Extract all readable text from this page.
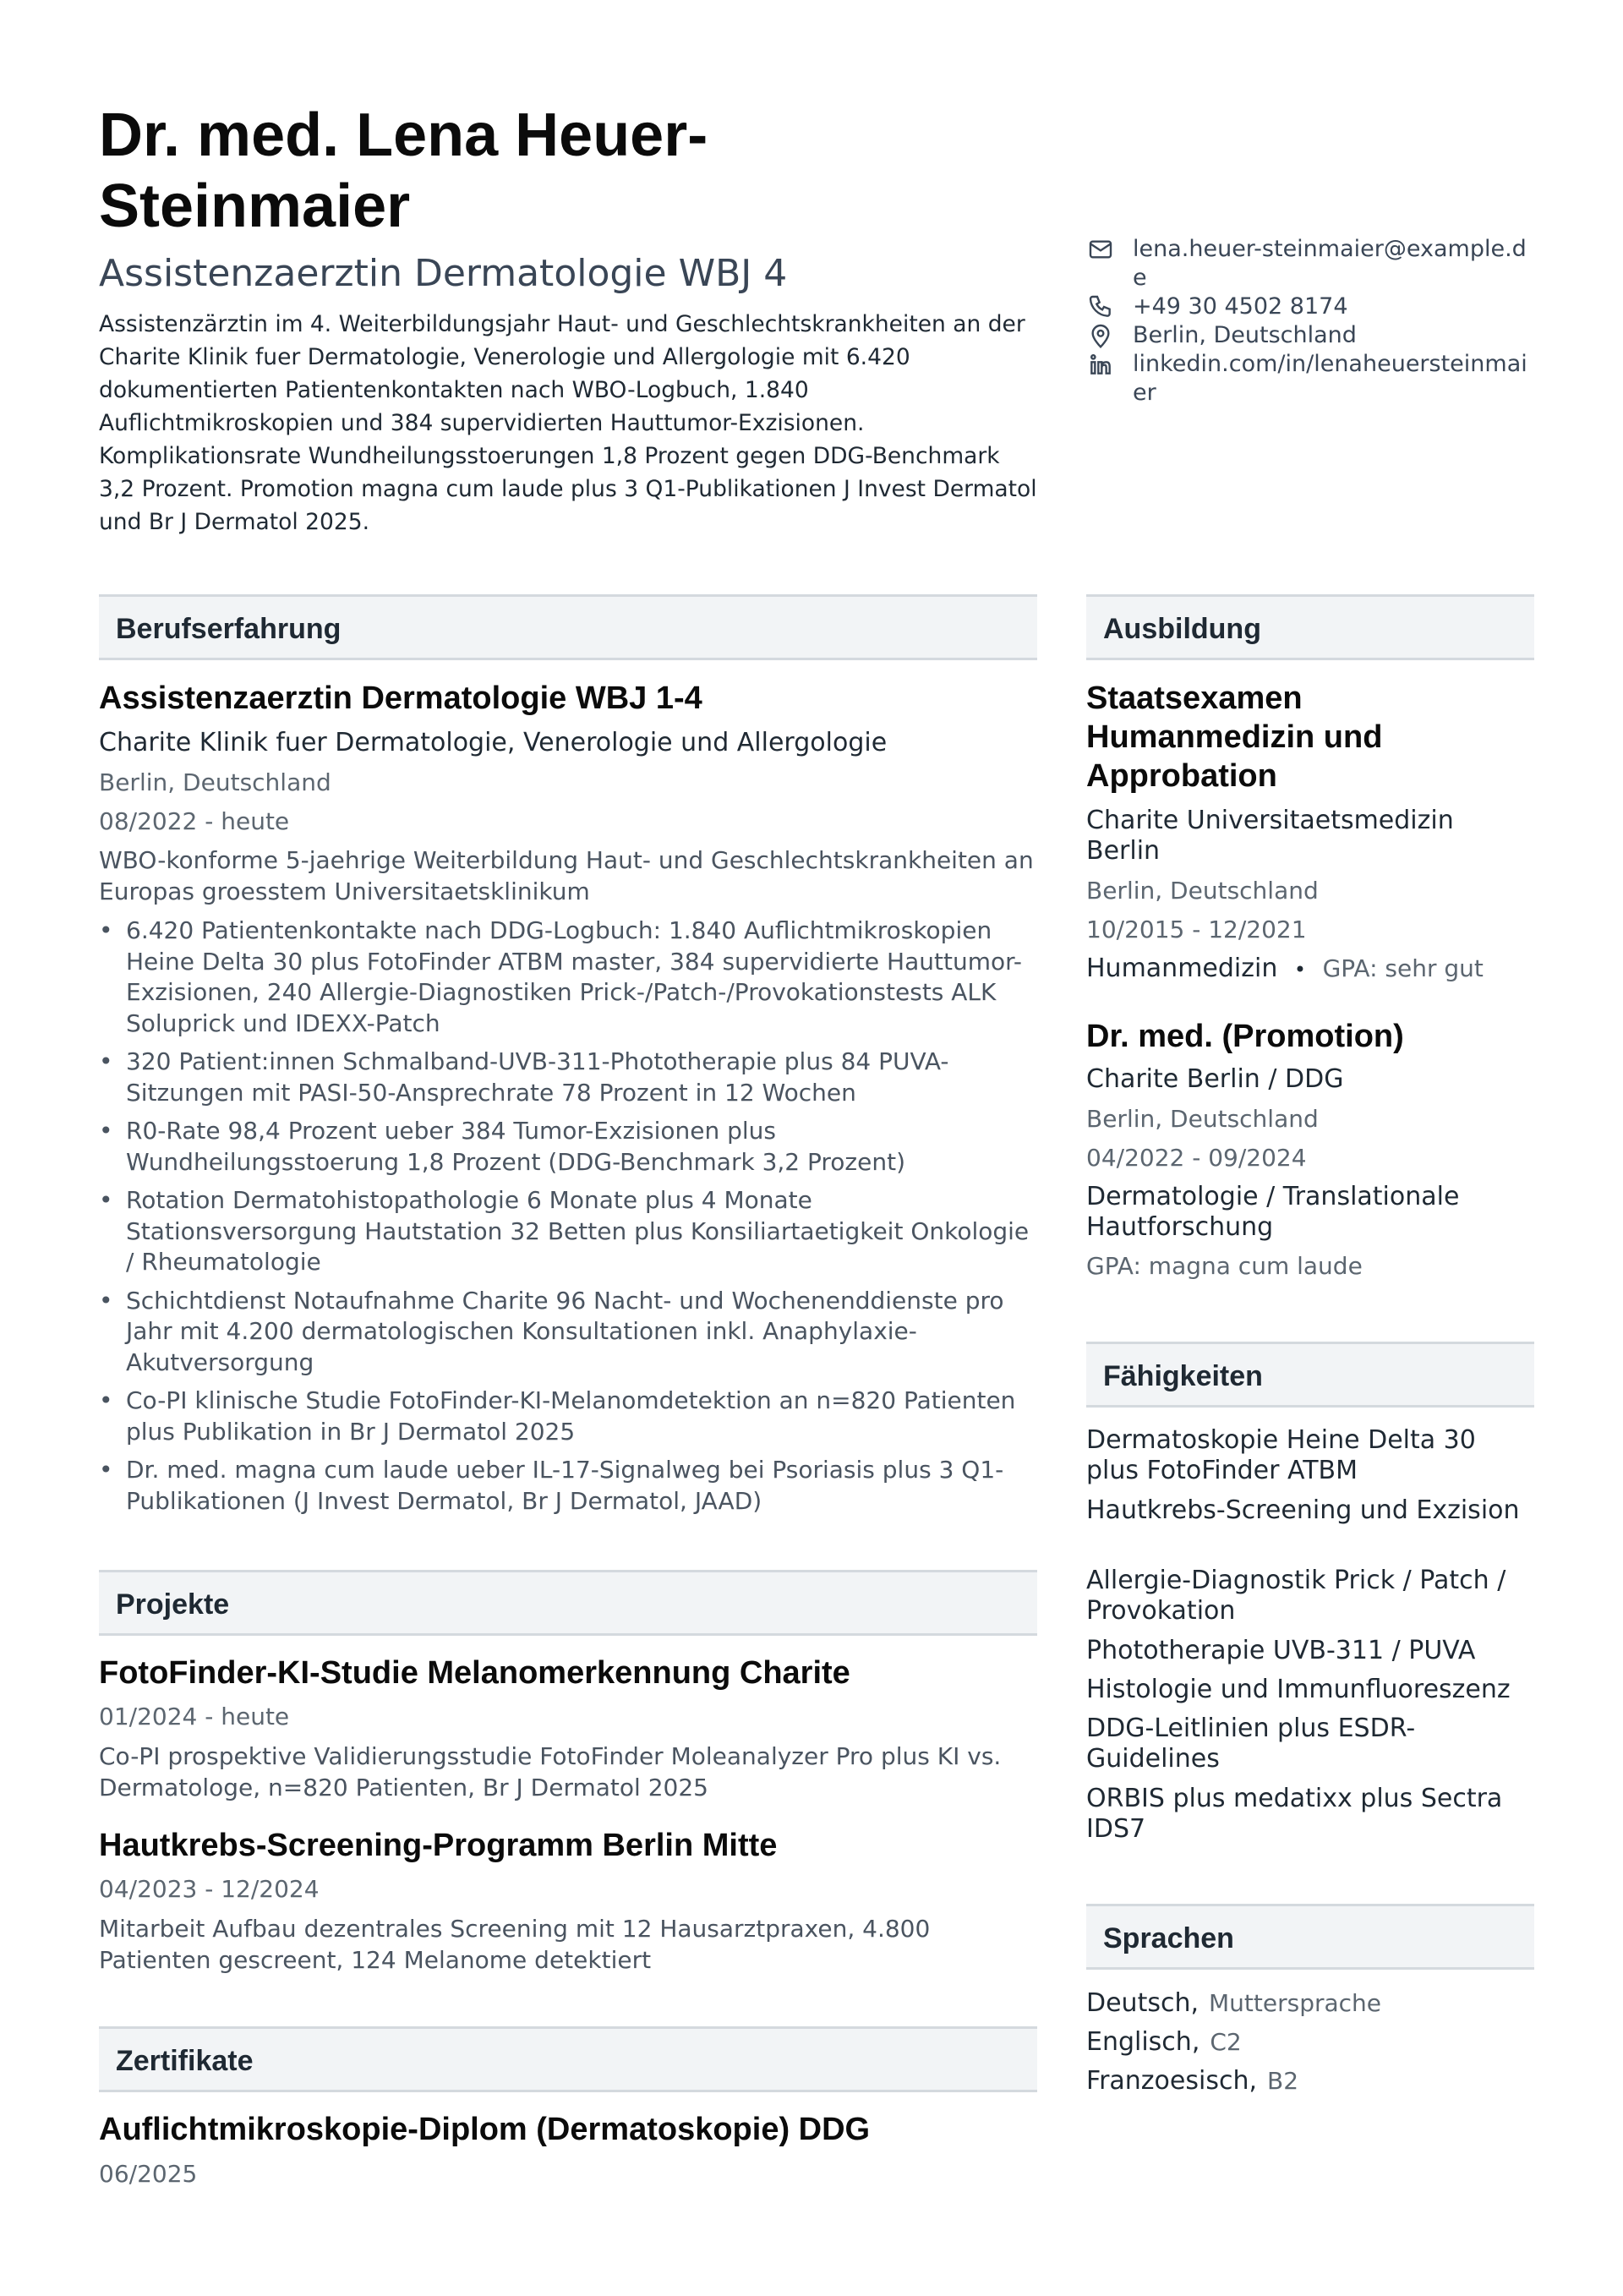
Dr. med. Lena Heuer-Steinmaier
Assistenzaerztin Dermatologie WBJ 4

Assistenzärztin im 4. Weiterbildungsjahr Haut- und Geschlechtskrankheiten an der Charite Klinik fuer Dermatologie, Venerologie und Allergologie mit 6.420 dokumentierten Patientenkontakten nach WBO-Logbuch, 1.840 Auflichtmikroskopien und 384 supervidierten Hauttumor-Exzisionen. Komplikationsrate Wundheilungsstoerungen 1,8 Prozent gegen DDG-Benchmark 3,2 Prozent. Promotion magna cum laude plus 3 Q1-Publikationen J Invest Dermatol und Br J Dermatol 2025.

lena.heuer-steinmaier@example.de
+49 30 4502 8174
Berlin, Deutschland
linkedin.com/in/lenaheuersteinmaier
Berufserfahrung
Assistenzaerztin Dermatologie WBJ 1-4

Charite Klinik fuer Dermatologie, Venerologie und Allergologie

Berlin, Deutschland

08/2022 - heute

WBO-konforme 5-jaehrige Weiterbildung Haut- und Geschlechtskrankheiten an Europas groesstem Universitaetsklinikum

• 6.420 Patientenkontakte nach DDG-Logbuch: 1.840 Auflichtmikroskopien Heine Delta 30 plus FotoFinder ATBM master, 384 supervidierte Hauttumor-Exzisionen, 240 Allergie-Diagnostiken Prick-/Patch-/Provokationstests ALK Soluprick und IDEXX-Patch
• 320 Patient:innen Schmalband-UVB-311-Phototherapie plus 84 PUVA-Sitzungen mit PASI-50-Ansprechrate 78 Prozent in 12 Wochen
• R0-Rate 98,4 Prozent ueber 384 Tumor-Exzisionen plus Wundheilungsstoerung 1,8 Prozent (DDG-Benchmark 3,2 Prozent)
• Rotation Dermatohistopathologie 6 Monate plus 4 Monate Stationsversorgung Hautstation 32 Betten plus Konsiliartaetigkeit Onkologie / Rheumatologie
• Schichtdienst Notaufnahme Charite 96 Nacht- und Wochenenddienste pro Jahr mit 4.200 dermatologischen Konsultationen inkl. Anaphylaxie-Akutversorgung
• Co-PI klinische Studie FotoFinder-KI-Melanomdetektion an n=820 Patienten plus Publikation in Br J Dermatol 2025
• Dr. med. magna cum laude ueber IL-17-Signalweg bei Psoriasis plus 3 Q1-Publikationen (J Invest Dermatol, Br J Dermatol, JAAD)
Projekte
FotoFinder-KI-Studie Melanomerkennung Charite

01/2024 - heute

Co-PI prospektive Validierungsstudie FotoFinder Moleanalyzer Pro plus KI vs. Dermatologe, n=820 Patienten, Br J Dermatol 2025

Hautkrebs-Screening-Programm Berlin Mitte

04/2023 - 12/2024

Mitarbeit Aufbau dezentrales Screening mit 12 Hausarztpraxen, 4.800 Patienten gescreent, 124 Melanome detektiert

Zertifikate
Auflichtmikroskopie-Diplom (Dermatoskopie) DDG

06/2025

Ausbildung
Staatsexamen Humanmedizin und Approbation

Charite Universitaetsmedizin Berlin

Berlin, Deutschland

10/2015 - 12/2021

Humanmedizin • GPA: sehr gut

Dr. med. (Promotion)

Charite Berlin / DDG

Berlin, Deutschland

04/2022 - 09/2024

Dermatologie / Translationale Hautforschung

GPA: magna cum laude

Fähigkeiten

Dermatoskopie Heine Delta 30 plus FotoFinder ATBM

Hautkrebs-Screening und Exzision

Allergie-Diagnostik Prick / Patch / Provokation

Phototherapie UVB-311 / PUVA

Histologie und Immunfluoreszenz

DDG-Leitlinien plus ESDR-Guidelines

ORBIS plus medatixx plus Sectra IDS7

Sprachen
Deutsch, Muttersprache
Englisch, C2
Franzoesisch, B2
